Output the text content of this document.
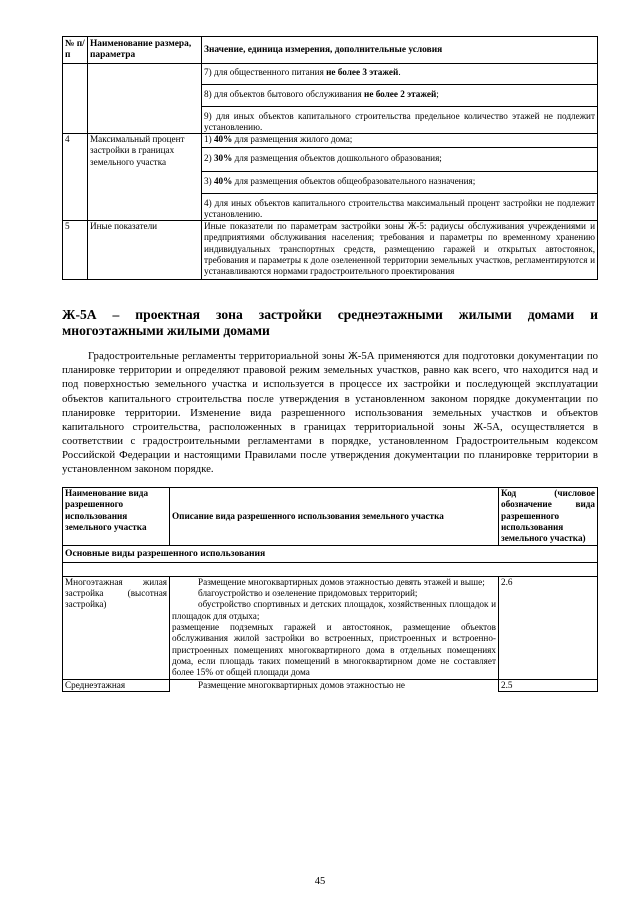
№ п/п	Наименование размера, параметра	Значение, единица измерения, дополнительные условия

		7) для общественного питания не более 3 этажей.
8) для объектов бытового обслуживания не более 2 этажей;
9) для иных объектов капитального строительства предельное количество этажей не подлежит установлению.

4	Максимальный процент застройки в границах земельного участка	1) 40% для размещения жилого дома;
2) 30% для размещения объектов дошкольного образования;
3) 40% для размещения объектов общеобразовательного назначения;
4) для иных объектов капитального строительства максимальный процент застройки не подлежит установлению.

5	Иные показатели	Иные показатели по параметрам застройки зоны Ж-5: радиусы обслуживания учреждениями и предприятиями обслуживания населения; требования и параметры по временному хранению индивидуальных транспортных средств, размещению гаражей и открытых автостоянок, требования и параметры к доле озелененной территории земельных участков, регламентируются и устанавливаются нормами градостроительного проектирования
Ж-5А – проектная зона застройки среднеэтажными жилыми домами и многоэтажными жилыми домами

Градостроительные регламенты территориальной зоны Ж-5А применяются для подготовки документации по планировке территории и определяют правовой режим земельных участков, равно как всего, что находится над и под поверхностью земельного участка и используется в процессе их застройки и последующей эксплуатации объектов капитального строительства после утверждения в установленном законом порядке документации по планировке территории. Изменение вида разрешенного использования земельных участков и объектов капитального строительства, расположенных в границах территориальной зоны Ж-5А, осуществляется в соответствии с градостроительными регламентами в порядке, установленном Градостроительным кодексом Российской Федерации и настоящими Правилами после утверждения документации по планировке территории в установленном законом порядке.

Наименование вида разрешенного использования земельного участка	Описание вида разрешенного использования земельного участка	Код (числовое обозначение вида разрешенного использования земельного участка)
Основные виды разрешенного использования		

Многоэтажная жилая застройка (высотная застройка)	Размещение многоквартирных домов этажностью девять этажей и выше;
благоустройство и озеленение придомовых территорий;
обустройство спортивных и детских площадок, хозяйственных площадок и площадок для отдыха;
размещение подземных гаражей и автостоянок, размещение объектов обслуживания жилой застройки во встроенных, пристроенных и встроенно-пристроенных помещениях многоквартирного дома в отдельных помещениях дома, если площадь таких помещений в многоквартирном доме не составляет более 15% от общей площади дома	2.6
Среднеэтажная	Размещение многоквартирных домов этажностью не	2.5
45
